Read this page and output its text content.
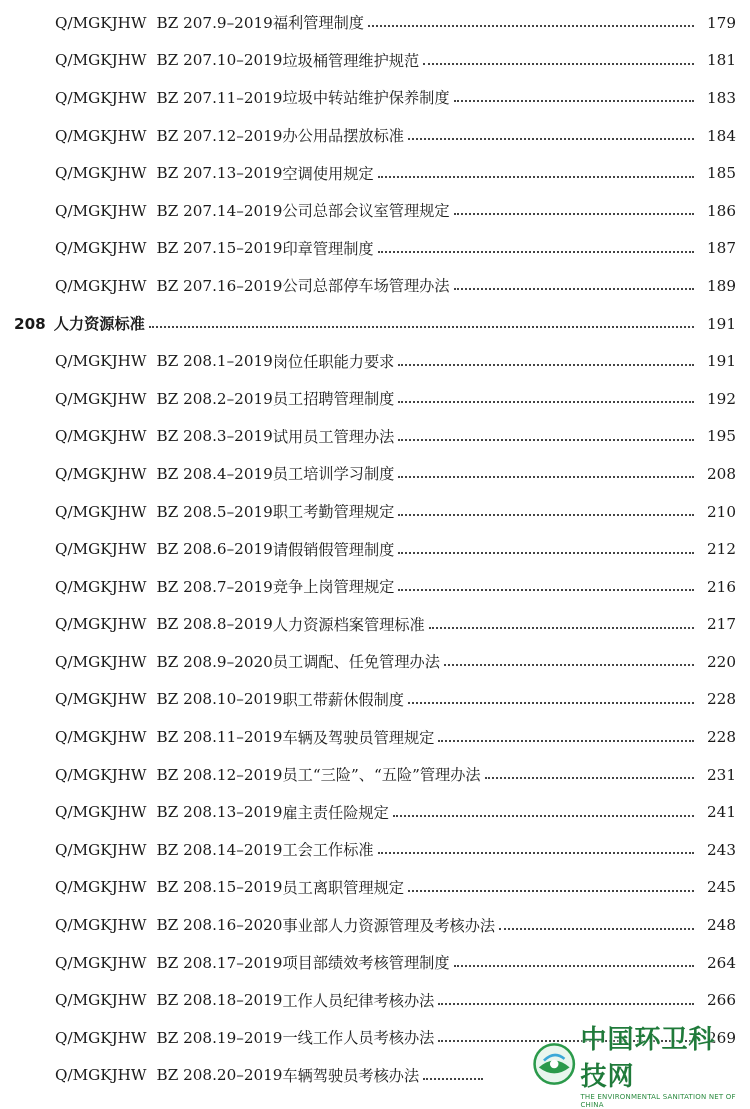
Q/MGKJHW BZ 207.9–2019 福利管理制度	179
Q/MGKJHW BZ 207.10–2019 垃圾桶管理维护规范	181
Q/MGKJHW BZ 207.11–2019 垃圾中转站维护保养制度	183
Q/MGKJHW BZ 207.12–2019 办公用品摆放标准	184
Q/MGKJHW BZ 207.13–2019 空调使用规定	185
Q/MGKJHW BZ 207.14–2019 公司总部会议室管理规定	186
Q/MGKJHW BZ 207.15–2019 印章管理制度	187
Q/MGKJHW BZ 207.16–2019 公司总部停车场管理办法	189
208 人力资源标准	191
Q/MGKJHW BZ 208.1–2019 岗位任职能力要求	191
Q/MGKJHW BZ 208.2–2019 员工招聘管理制度	192
Q/MGKJHW BZ 208.3–2019 试用员工管理办法	195
Q/MGKJHW BZ 208.4–2019 员工培训学习制度	208
Q/MGKJHW BZ 208.5–2019 职工考勤管理规定	210
Q/MGKJHW BZ 208.6–2019 请假销假管理制度	212
Q/MGKJHW BZ 208.7–2019 竞争上岗管理规定	216
Q/MGKJHW BZ 208.8–2019 人力资源档案管理标准	217
Q/MGKJHW BZ 208.9–2020 员工调配、任免管理办法	220
Q/MGKJHW BZ 208.10–2019 职工带薪休假制度	228
Q/MGKJHW BZ 208.11–2019 车辆及驾驶员管理规定	228
Q/MGKJHW BZ 208.12–2019 员工“三险”、“五险”管理办法	231
Q/MGKJHW BZ 208.13–2019 雇主责任险规定	241
Q/MGKJHW BZ 208.14–2019 工会工作标准	243
Q/MGKJHW BZ 208.15–2019 员工离职管理规定	245
Q/MGKJHW BZ 208.16–2020 事业部人力资源管理及考核办法	248
Q/MGKJHW BZ 208.17–2019 项目部绩效考核管理制度	264
Q/MGKJHW BZ 208.18–2019 工作人员纪律考核办法	266
Q/MGKJHW BZ 208.19–2019 一线工作人员考核办法	269
Q/MGKJHW BZ 208.20–2019 车辆驾驶员考核办法
中国环卫科技网
THE ENVIRONMENTAL SANITATION NET OF CHINA
